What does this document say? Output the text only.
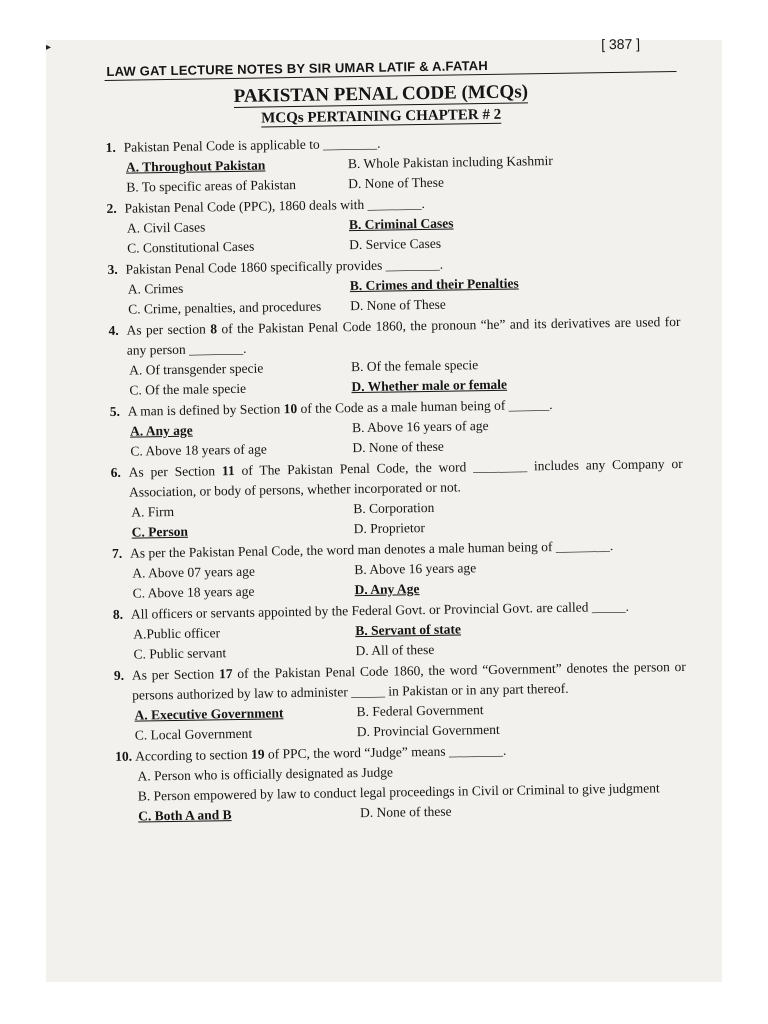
▸
LAW GAT LECTURE NOTES BY SIR UMAR LATIF & A.FATAH
[ 387 ]
PAKISTAN PENAL CODE (MCQs)
MCQs PERTAINING CHAPTER # 2
1. Pakistan Penal Code is applicable to ________.
A. Throughout Pakistan	B. Whole Pakistan including Kashmir
B. To specific areas of Pakistan	D. None of These
2. Pakistan Penal Code (PPC), 1860 deals with ________.
A. Civil Cases	B. Criminal Cases
C. Constitutional Cases	D. Service Cases
3. Pakistan Penal Code 1860 specifically provides ________.
A. Crimes	B. Crimes and their Penalties
C. Crime, penalties, and procedures	D. None of These
4. As per section 8 of the Pakistan Penal Code 1860, the pronoun “he” and its derivatives are used for any person ________.
A. Of transgender specie	B. Of the female specie
C. Of the male specie	D. Whether male or female
5. A man is defined by Section 10 of the Code as a male human being of ______.
A. Any age	B. Above 16 years of age
C. Above 18 years of age	D. None of these
6. As per Section 11 of The Pakistan Penal Code, the word ________ includes any Company or Association, or body of persons, whether incorporated or not.
A. Firm	B. Corporation
C. Person	D. Proprietor
7. As per the Pakistan Penal Code, the word man denotes a male human being of ________.
A. Above 07 years age	B. Above 16 years age
C. Above 18 years age	D. Any Age
8. All officers or servants appointed by the Federal Govt. or Provincial Govt. are called _____.
A.Public officer	B. Servant of state
C. Public servant	D. All of these
9. As per Section 17 of the Pakistan Penal Code 1860, the word “Government” denotes the person or persons authorized by law to administer _____ in Pakistan or in any part thereof.
A. Executive Government	B. Federal Government
C. Local Government	D. Provincial Government
10. According to section 19 of PPC, the word “Judge” means ________.
A. Person who is officially designated as Judge
B. Person empowered by law to conduct legal proceedings in Civil or Criminal to give judgment
C. Both A and B	D. None of these
